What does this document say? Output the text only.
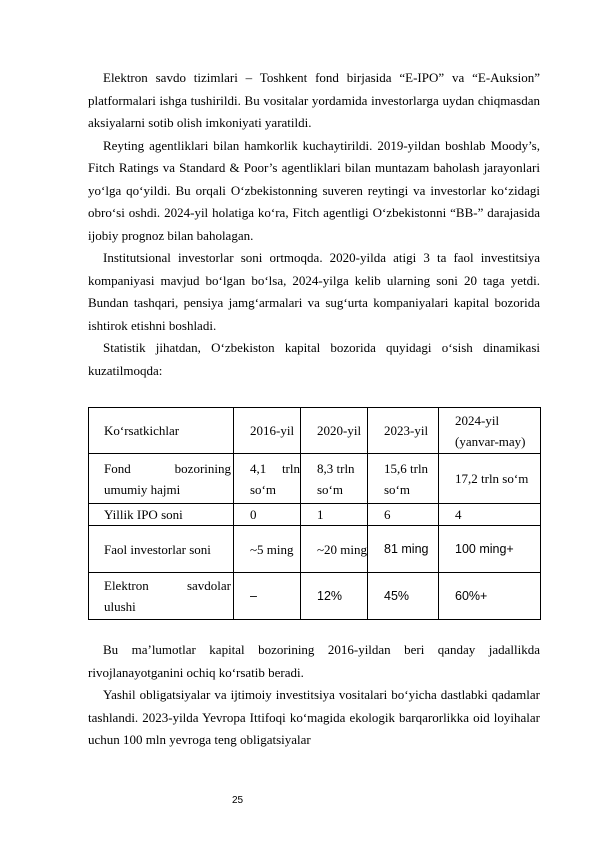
Elektron savdo tizimlari – Toshkent fond birjasida “E-IPO” va “E-Auksion” platformalari ishga tushirildi. Bu vositalar yordamida investorlarga uydan chiqmasdan aksiyalarni sotib olish imkoniyati yaratildi.

Reyting agentliklari bilan hamkorlik kuchaytirildi. 2019-yildan boshlab Moody’s, Fitch Ratings va Standard & Poor’s agentliklari bilan muntazam baholash jarayonlari yo‘lga qo‘yildi. Bu orqali O‘zbekistonning suveren reytingi va investorlar ko‘zidagi obro‘si oshdi. 2024-yil holatiga ko‘ra, Fitch agentligi O‘zbekistonni “BB-” darajasida ijobiy prognoz bilan baholagan.

Institutsional investorlar soni ortmoqda. 2020-yilda atigi 3 ta faol investitsiya kompaniyasi mavjud bo‘lgan bo‘lsa, 2024-yilga kelib ularning soni 20 taga yetdi. Bundan tashqari, pensiya jamg‘armalari va sug‘urta kompaniyalari kapital bozorida ishtirok etishni boshladi.

Statistik jihatdan, O‘zbekiston kapital bozorida quyidagi o‘sish dinamikasi kuzatilmoqda:

Ko‘rsatkichlar	2016-yil	2020-yil	2023-yil	2024-yil (yanvar-may)
Fond bozorining umumiy hajmi	4,1 trln so‘m	8,3 trln so‘m	15,6 trln so‘m	17,2 trln so‘m
Yillik IPO soni	0	1	6	4
Faol investorlar soni	~5 ming	~20 ming	81 ming	100 ming+
Elektron savdolar ulushi	–	12%	45%	60%+

Bu ma’lumotlar kapital bozorining 2016-yildan beri qanday jadallikda rivojlanayotganini ochiq ko‘rsatib beradi.

Yashil obligatsiyalar va ijtimoiy investitsiya vositalari bo‘yicha dastlabki qadamlar tashlandi. 2023-yilda Yevropa Ittifoqi ko‘magida ekologik barqarorlikka oid loyihalar uchun 100 mln yevroga teng obligatsiyalar

25
